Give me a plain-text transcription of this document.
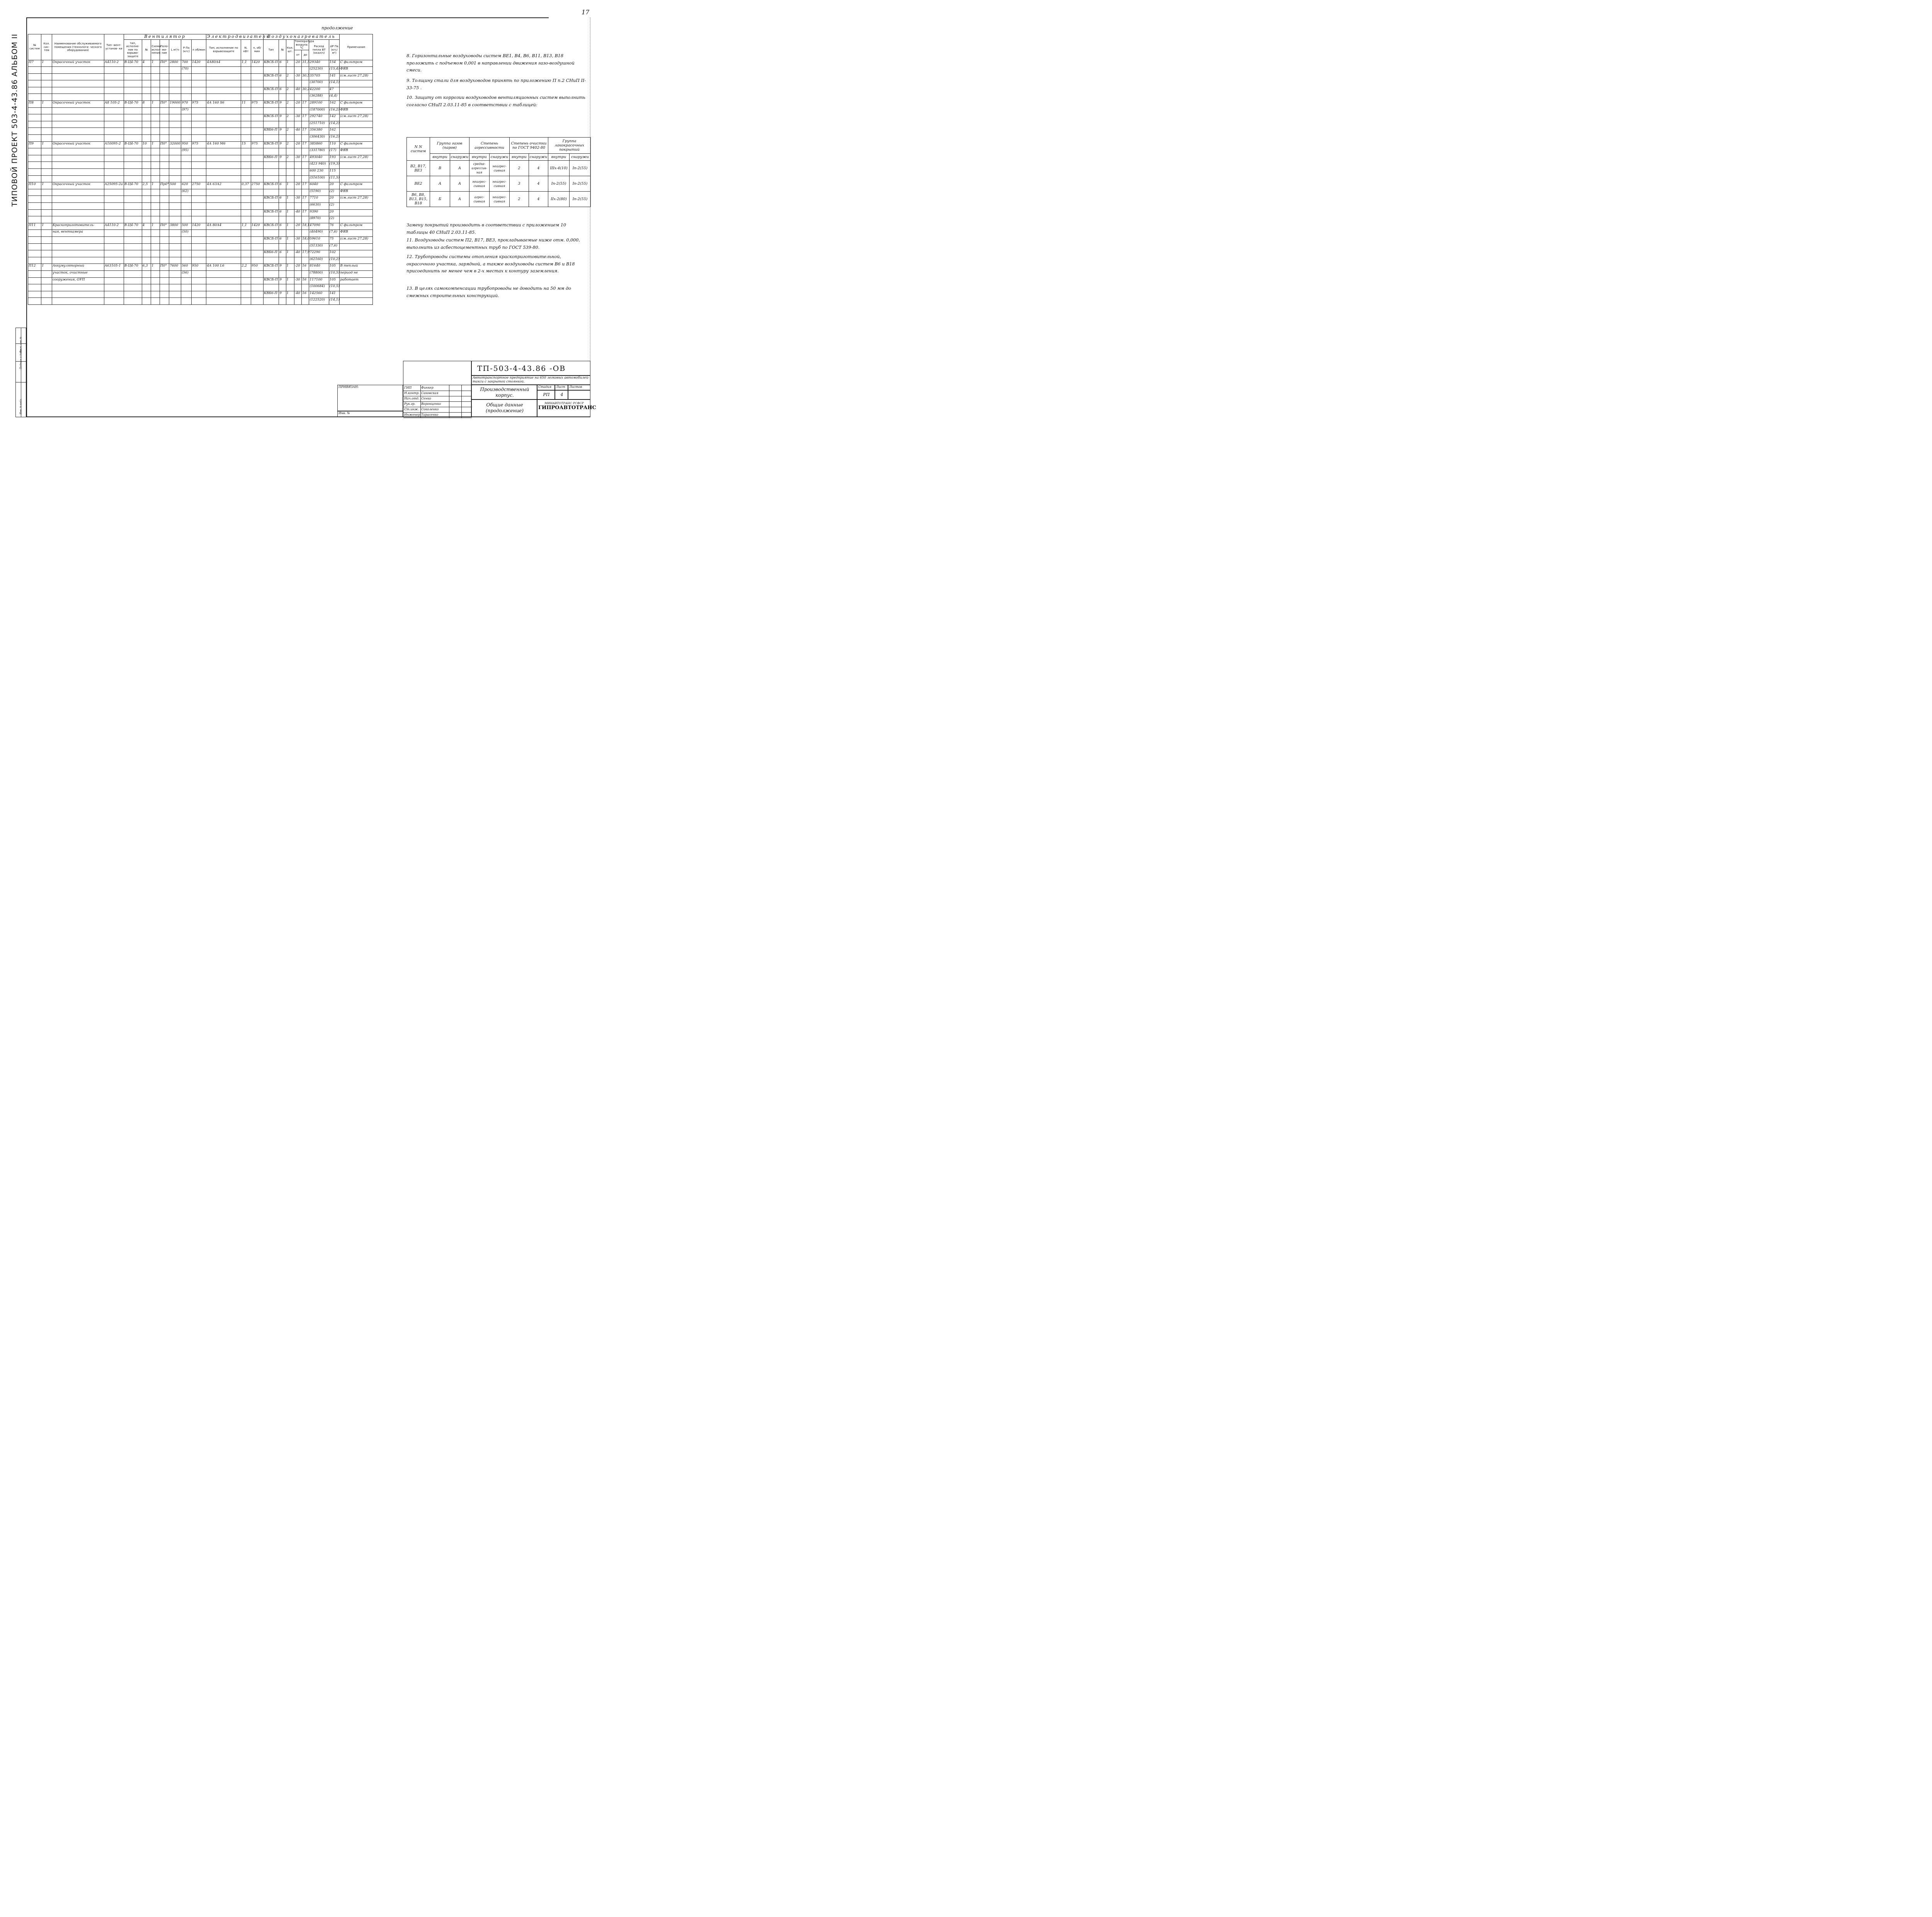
17
ТИПОВОЙ ПРОЕКТ 503-4-43.86 АЛЬБОМ II
Взам. инв. №
Подпись и дата
Инв. № подл.
продолжение
№ систем	Кол. сис- тем	Наименование обслуживаемого помещения (технологи- ческого оборудования)	Тип- вент- установ- ки	Вентилятор							Электродвигатель			Воздухонагреватель							Примечание
				тип, исполне- ние по взрыво- защите	№	Схема испол- нения	Поло- же- ние	L м³/ч	P Па (кгс)	n об/мин	Тип, исполнение по взрывозащите	N, кВт	n, об/мин	Тип	№	Кол. шт.	Температура воздуха °С		Расход тепла ВТ (ккал/ч)	ΔP Па (кгс/м²)	
																	от	до			
П7	1	Окрасочный участок	А4110-2	В-Ц4-70	4	1	П0°	2800	700	1420	4А80А4	1,1	1420	КВСБ-П	6	1	-20	31,5	29340	154	С фильтром
									(70)										(25230)	(15,4)	ФЯВ
														КВСБ-П	6	2	-30	30,5	35705	141	(см.лист 27,28)
																			(30700)	(14,1)	
														КВСБ-П	6	2	-40	30,2	42200	47	
																			(36288)	(4,4)	
П8	1	Окрасочный участок	А8 105-2	В-Ц4-70	8	1	П0°	19000	970	975	4А 160 S6	11	975	КВСБ-П	9	2	-20	17	289100	162	С фильтром
									(97)										(187000)	(16,2)	ФЯВ
														КВСБ-П	9	2	-30	17	292740	142	(см.лист 27,28)
																			(251710)	(14,2)	
														КВБ6-П	9	2	-40	17	356380	162	
																			(306430)	(16,2)	
П9	1	Окрасочный участок	А10095-2	В-Ц4-70	10	1	П0°	32000	950	975	4А 160 М6	15	975	КВСБ-П	9	2	-20	17	385860	110	С фильтром
									(95)										(331780)	(17)	ФЯВ
														КВБ6-П	9	2	-30	17	493040	193	(см.лист 27,28)
																			(423 940)	(19,3)	
																			600 230	115	
																			(516100)	(11,5)	
П10	1	Окрасочный участок	А25095-2а	В-Ц4-70	2,5	1	Пр0°	500	620	2750	4А 63А2	0,37	2750	КВСБ-П	6	1	-20	17	6040	20	С фильтром
									(62)										(5190)	(2)	ФЯВ
														КВСБ-П	6	1	-30	17	7710	20	(см.лист 27,28)
																			(6630)	(2)	
														КВСБ-П	6	1	-40	17	9390	20	
																			(8970)	(2)	
П11	1	Краскоприготовитель-	А4110-2	В-Ц4-70	4	1	П0°	3800	500	1420	4А 80А4	1,1	1420	КВСБ-П	6	1	-20	18,1	47090	76	С фильтром
		ная, венткамера							(50)										(40490)	(7,6)	ФЯВ
														КВСБ-П	6	1	-30	18,0	59610	75	(см.лист 27,28)
																			(51330)	(7,6)	
														КВБ6-П	6	1	-40	17,9	72290	102	
																			(62160)	(10,2)	
П12	1	Аккумуляторный	А63105-1	В-Ц4-70	6,3	1	П0°	7600	560	950	4А 100 L6	2,2	950	КВСБ-П	9	1	-20	16	81640	105	В теплый
		участок, очистные							(56)										(78800)	(10,5)	период не
		сооружения, ОУП												КВСБ-П	9	1	-30	16	117100	105	работает
																			(100684)	(10,5)	
														КВБ6-П	9	1	-40	16	142560	141	
																			(122520)	(14,1)	
8. Горизонтальные воздуховоды систем ВЕ1, В4, В6, В11, В13, В18 проложить с подъемом 0,001 в направлении движения газо-воздушной смеси.
9. Толщину стали для воздуховодов принять по приложению П п.2 СНиП II-33-75 .
10. Защиту от коррозии воздуховодов вентиляционных систем выполнить согласно СНиП 2.03.11-85 в соответствии с таблицей:
N N систем	Группа газов (паров)		Степень агрессивности		Степень очистки по ГОСТ 9402-80		Группа лакокрасочных покрытий	
	внутри	снаружи	внутри	снаружи	внутри	снаружи	внутри	снаружи
В2, В17, ВЕ3	В	А	средне-агрессив-ная	неагрес-сивная	2	4	IIIх-4(10)	Iп-2(55)
ВЕ2	А	А	неагрес-сивная	неагрес-сивная	3	4	Iп-2(55)	Iп-2(55)
В6, В8, В13, В15, В18	Б	А	агрес-сивная	неагрес-сивная	2	4	IIх-2(80)	Iп-2(55)
Замену покрытий производить в соответствии с приложением 10 таблицы 40 СНиП 2.03.11-85.
11. Воздуховоды систем П2, В17, ВЕ3, прокладываемые ниже отм. 0,000, выполнить из асбестоцементных труб по ГОСТ 539-80.
12. Трубопроводы системы отопления краскоприготовительной, окрасочного участка, зарядной, а также воздуховоды систем В6 и В18 присоединить не менее чем в 2-х местах к контуру заземления.
13. В целях самокомпенсации трубопроводы не доводить на 50 мм до смежных строительных конструкций.
ТП-503-4-43.86 -ОВ
Автотранспортное предприятие на 650 легковых автомобилей-такси с закрытой стоянкой.
ПРИВЯЗАН:
Инв. №
ГИП	Финкер
Н.контр. Саковская
Нач.отд. Сенко
Рук.гр.	Воронценко
Ст.инж. Соколенко
Инженер Тарасенко
Производственный корпус.
Общие данные (продолжение)
Стадия	Лист	Листов
РП	4
МИНАВТОТРАНС РСФСР
ГИПРОАВТОТРАНС
